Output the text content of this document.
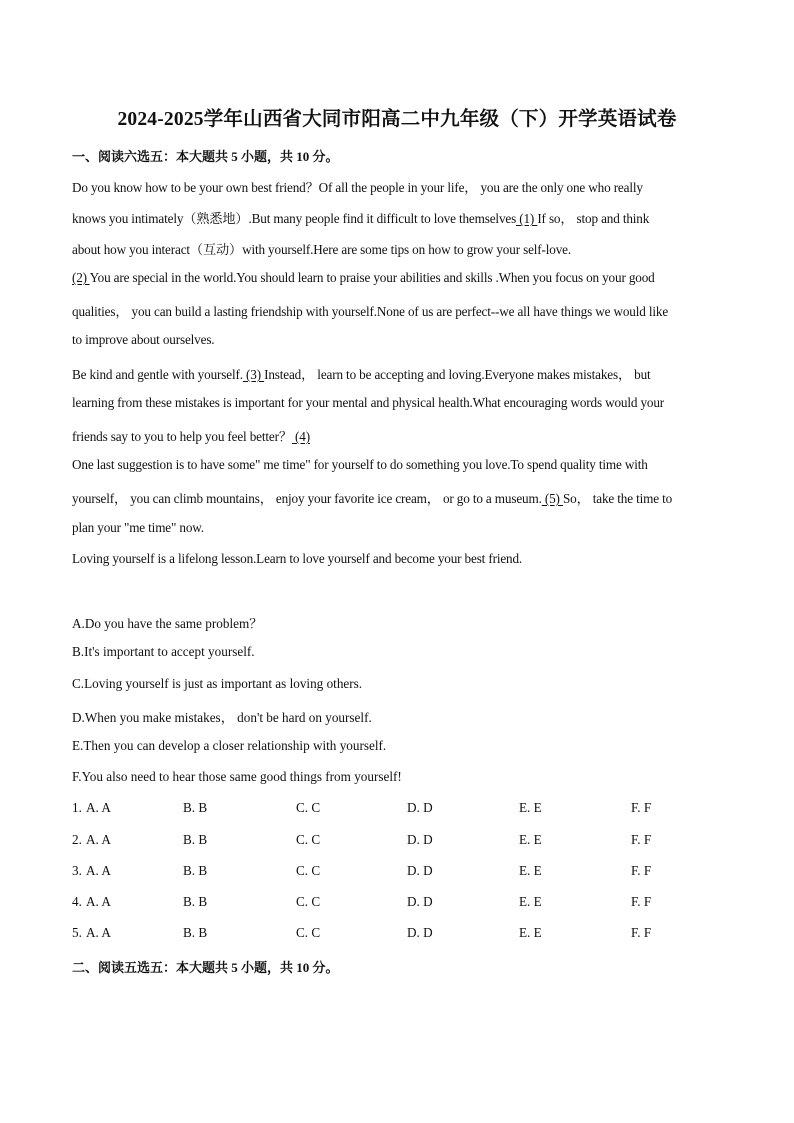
2024-2025学年山西省大同市阳高二中九年级（下）开学英语试卷
一、阅读六选五：本大题共 5 小题，共 10 分。
Do you know how to be your own best friend？Of all the people in your life， you are the only one who really
knows you intimately（熟悉地）.But many people find it difficult to love themselves (1) If so， stop and think
about how you interact（互动）with yourself.Here are some tips on how to grow your self-love.
(2) You are special in the world.You should learn to praise your abilities and skills .When you focus on your good
qualities， you can build a lasting friendship with yourself.None of us are perfect--we all have things we would like
to improve about ourselves.
Be kind and gentle with yourself. (3) Instead， learn to be accepting and loving.Everyone makes mistakes， but
learning from these mistakes is important for your mental and physical health.What encouraging words would your
friends say to you to help you feel better？ (4)
One last suggestion is to have some" me time" for yourself to do something you love.To spend quality time with
yourself， you can climb mountains， enjoy your favorite ice cream， or go to a museum. (5) So， take the time to
plan your "me time" now.
Loving yourself is a lifelong lesson.Learn to love yourself and become your best friend.
A.Do you have the same problem？
B.It's important to accept yourself.
C.Loving yourself is just as important as loving others.
D.When you make mistakes， don't be hard on yourself.
E.Then you can develop a closer relationship with yourself.
F.You also need to hear those same good things from yourself!
1. A. A	B. B	C. C	D. D	E. E	F. F
2. A. A	B. B	C. C	D. D	E. E	F. F
3. A. A	B. B	C. C	D. D	E. E	F. F
4. A. A	B. B	C. C	D. D	E. E	F. F
5. A. A	B. B	C. C	D. D	E. E	F. F
二、阅读五选五：本大题共 5 小题，共 10 分。
